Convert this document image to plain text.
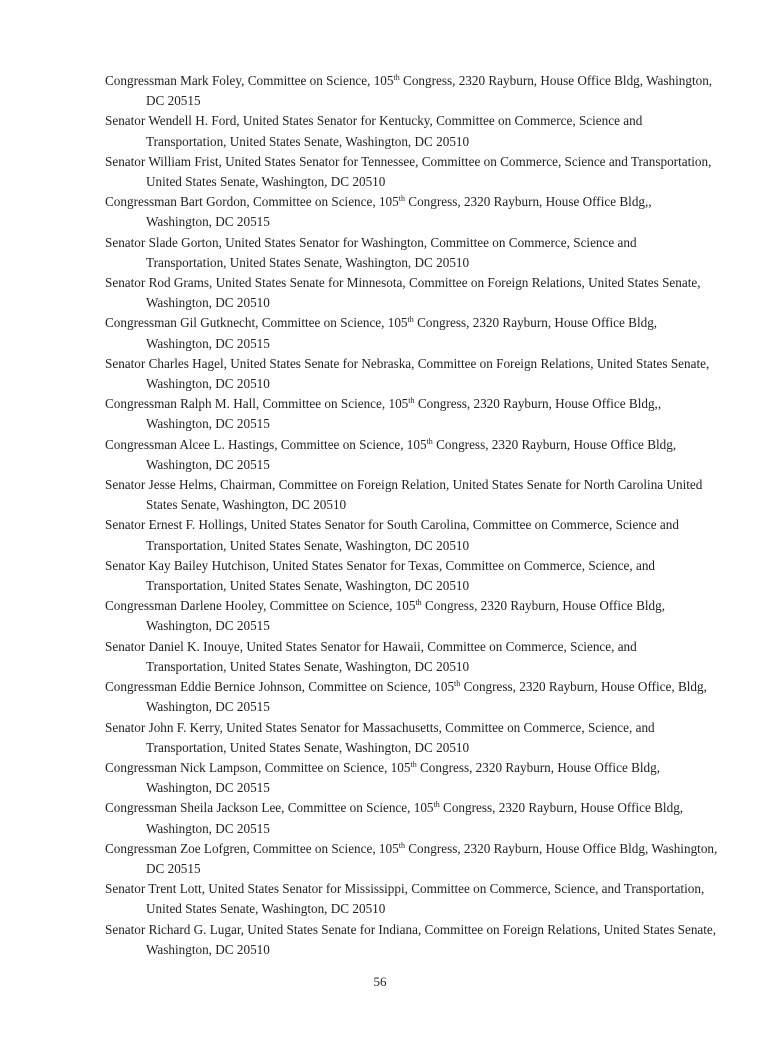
Congressman Mark Foley, Committee on Science, 105th Congress, 2320 Rayburn, House Office Bldg, Washington, DC 20515

Senator Wendell H. Ford, United States Senator for Kentucky, Committee on Commerce, Science and Transportation, United States Senate, Washington, DC 20510

Senator William Frist, United States Senator for Tennessee, Committee on Commerce, Science and Transportation, United States Senate, Washington, DC 20510

Congressman Bart Gordon, Committee on Science, 105th Congress, 2320 Rayburn, House Office Bldg,, Washington, DC 20515

Senator Slade Gorton, United States Senator for Washington, Committee on Commerce, Science and Transportation, United States Senate, Washington, DC 20510

Senator Rod Grams, United States Senate for Minnesota, Committee on Foreign Relations, United States Senate, Washington, DC 20510

Congressman Gil Gutknecht, Committee on Science, 105th Congress, 2320 Rayburn, House Office Bldg, Washington, DC 20515

Senator Charles Hagel, United States Senate for Nebraska, Committee on Foreign Relations, United States Senate, Washington, DC 20510

Congressman Ralph M. Hall, Committee on Science, 105th Congress, 2320 Rayburn, House Office Bldg,, Washington, DC 20515

Congressman Alcee L. Hastings, Committee on Science, 105th Congress, 2320 Rayburn, House Office Bldg, Washington, DC 20515

Senator Jesse Helms, Chairman, Committee on Foreign Relation, United States Senate for North Carolina United States Senate, Washington, DC 20510

Senator Ernest F. Hollings, United States Senator for South Carolina, Committee on Commerce, Science and Transportation, United States Senate, Washington, DC 20510

Senator Kay Bailey Hutchison, United States Senator for Texas, Committee on Commerce, Science, and Transportation, United States Senate, Washington, DC 20510

Congressman Darlene Hooley, Committee on Science, 105th Congress, 2320 Rayburn, House Office Bldg, Washington, DC 20515

Senator Daniel K. Inouye, United States Senator for Hawaii, Committee on Commerce, Science, and Transportation, United States Senate, Washington, DC 20510

Congressman Eddie Bernice Johnson, Committee on Science, 105th Congress, 2320 Rayburn, House Office, Bldg, Washington, DC 20515

Senator John F. Kerry, United States Senator for Massachusetts, Committee on Commerce, Science, and Transportation, United States Senate, Washington, DC 20510

Congressman Nick Lampson, Committee on Science, 105th Congress, 2320 Rayburn, House Office Bldg, Washington, DC 20515

Congressman Sheila Jackson Lee, Committee on Science, 105th Congress, 2320 Rayburn, House Office Bldg, Washington, DC 20515

Congressman Zoe Lofgren, Committee on Science, 105th Congress, 2320 Rayburn, House Office Bldg, Washington, DC 20515

Senator Trent Lott, United States Senator for Mississippi, Committee on Commerce, Science, and Transportation, United States Senate, Washington, DC 20510

Senator Richard G. Lugar, United States Senate for Indiana, Committee on Foreign Relations, United States Senate, Washington, DC 20510

56
